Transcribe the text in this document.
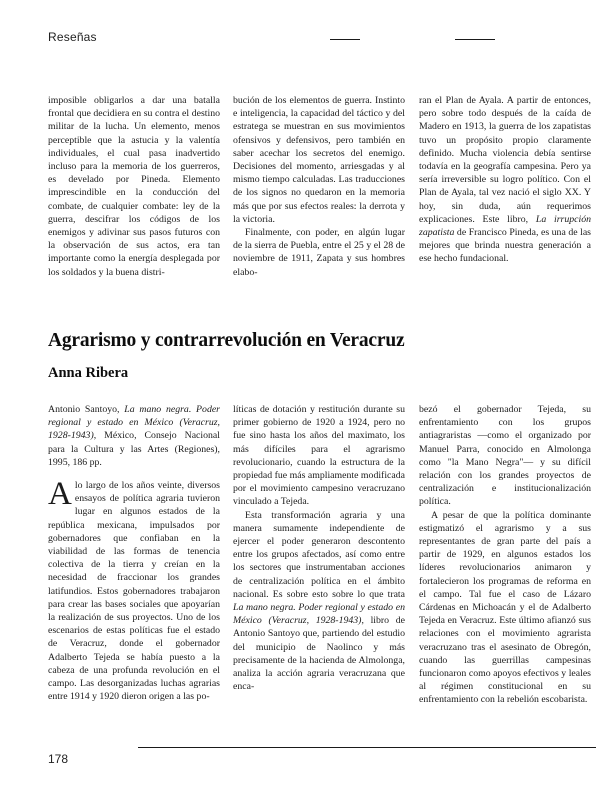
Reseñas

imposible obligarlos a dar una batalla frontal que decidiera en su contra el destino militar de la lucha. Un elemento, menos perceptible que la astucia y la valentía individuales, el cual pasa inadvertido incluso para la memoria de los guerreros, es develado por Pineda. Elemento imprescindible en la conducción del combate, de cualquier combate: ley de la guerra, descifrar los códigos de los enemigos y adivinar sus pasos futuros con la observación de sus actos, era tan importante como la energía desplegada por los soldados y la buena distri-

bución de los elementos de guerra. Instinto e inteligencia, la capacidad del táctico y del estratega se muestran en sus movimientos ofensivos y defensivos, pero también en saber acechar los secretos del enemigo. Decisiones del momento, arriesgadas y al mismo tiempo calculadas. Las traducciones de los signos no quedaron en la memoria más que por sus efectos reales: la derrota y la victoria.

Finalmente, con poder, en algún lugar de la sierra de Puebla, entre el 25 y el 28 de noviembre de 1911, Zapata y sus hombres elabo-

ran el Plan de Ayala. A partir de entonces, pero sobre todo después de la caída de Madero en 1913, la guerra de los zapatistas tuvo un propósito propio claramente definido. Mucha violencia debía sentirse todavía en la geografía campesina. Pero ya sería irreversible su logro político. Con el Plan de Ayala, tal vez nació el siglo XX. Y hoy, sin duda, aún requerimos explicaciones. Este libro, La irrupción zapatista de Francisco Pineda, es una de las mejores que brinda nuestra generación a ese hecho fundacional.

Agrarismo y contrarrevolución en Veracruz
Anna Ribera

Antonio Santoyo, La mano negra. Poder regional y estado en México (Veracruz, 1928-1943), México, Consejo Nacional para la Cultura y las Artes (Regiones), 1995, 186 pp.

A lo largo de los años veinte, diversos ensayos de política agraria tuvieron lugar en algunos estados de la república mexicana, impulsados por gobernadores que confiaban en la viabilidad de las formas de tenencia colectiva de la tierra y creían en la necesidad de fraccionar los grandes latifundios. Estos gobernadores trabajaron para crear las bases sociales que apoyarían la realización de sus proyectos. Uno de los escenarios de estas políticas fue el estado de Veracruz, donde el gobernador Adalberto Tejeda se había puesto a la cabeza de una profunda revolución en el campo. Las desorganizadas luchas agrarias entre 1914 y 1920 dieron origen a las po-

líticas de dotación y restitución durante su primer gobierno de 1920 a 1924, pero no fue sino hasta los años del maximato, los más difíciles para el agrarismo revolucionario, cuando la estructura de la propiedad fue más ampliamente modificada por el movimiento campesino veracruzano vinculado a Tejeda.

Esta transformación agraria y una manera sumamente independiente de ejercer el poder generaron descontento entre los grupos afectados, así como entre los sectores que instrumentaban acciones de centralización política en el ámbito nacional. Es sobre esto sobre lo que trata La mano negra. Poder regional y estado en México (Veracruz, 1928-1943), libro de Antonio Santoyo que, partiendo del estudio del municipio de Naolinco y más precisamente de la hacienda de Almolonga, analiza la acción agraria veracruzana que enca-

bezó el gobernador Tejeda, su enfrentamiento con los grupos antiagraristas —como el organizado por Manuel Parra, conocido en Almolonga como "la Mano Negra"— y su difícil relación con los grandes proyectos de centralización e institucionalización política.

A pesar de que la política dominante estigmatizó el agrarismo y a sus representantes de gran parte del país a partir de 1929, en algunos estados los líderes revolucionarios animaron y fortalecieron los programas de reforma en el campo. Tal fue el caso de Lázaro Cárdenas en Michoacán y el de Adalberto Tejeda en Veracruz. Este último afianzó sus relaciones con el movimiento agrarista veracruzano tras el asesinato de Obregón, cuando las guerrillas campesinas funcionaron como apoyos efectivos y leales al régimen constitucional en su enfrentamiento con la rebelión escobarista.

178
